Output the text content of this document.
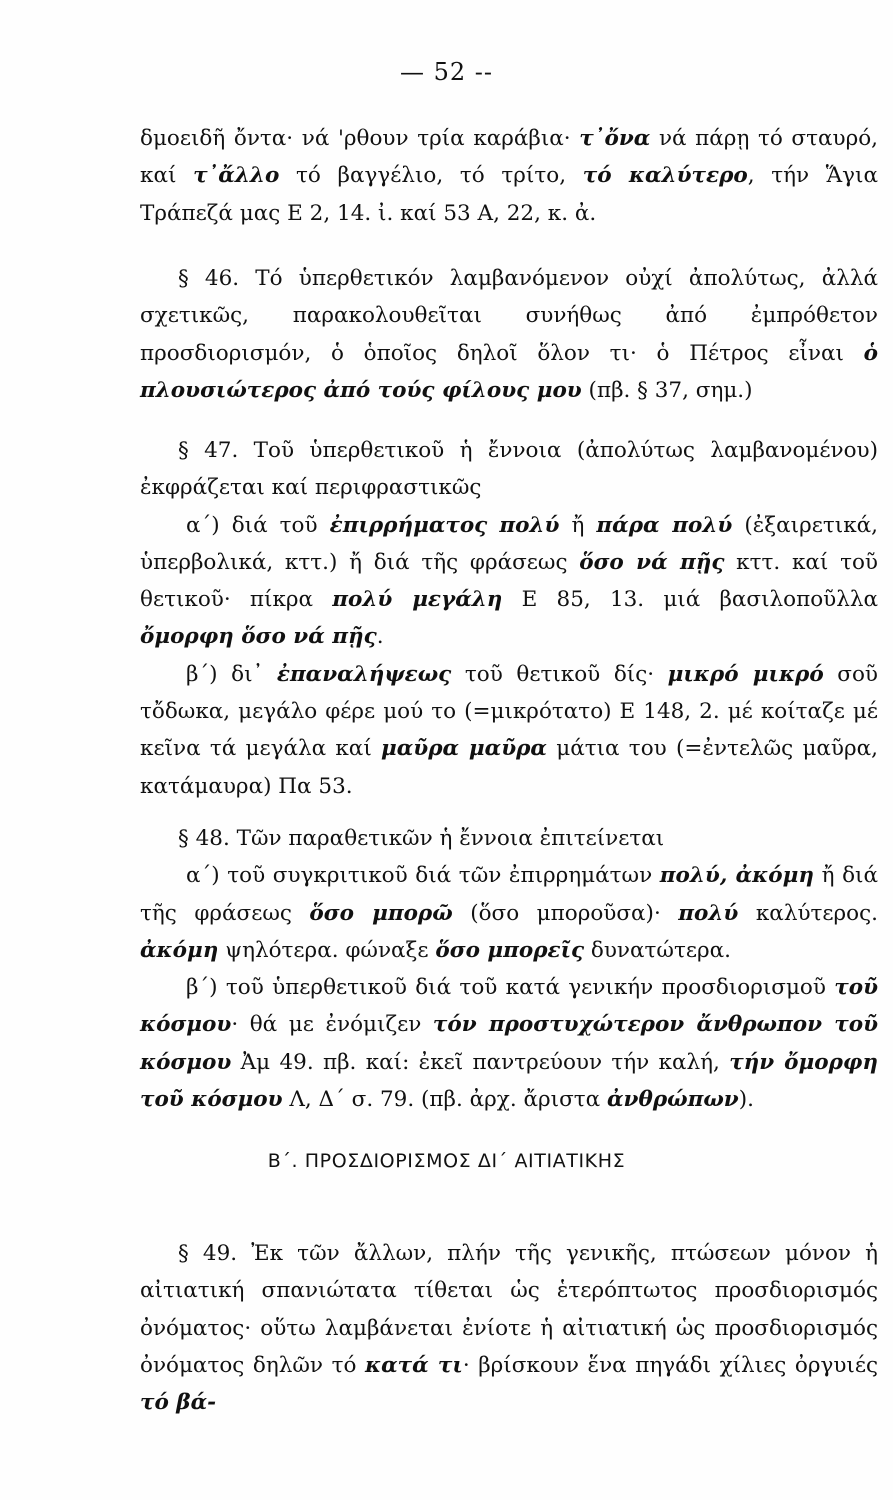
— 52 --

δμοειδῆ ὄντα· νά 'ρθουν τρία καράβια· τ᾽ὄνα νά πάρῃ τό σταυρό, καί τ᾽ἄλλο τό βαγγέλιο, τό τρίτο, τό καλύτερο, τήν Ἅγια Τράπεζά μας Ε 2, 14. ἰ. καί 53 Α, 22, κ. ἀ.

§ 46. Τό ὑπερθετικόν λαμβανόμενον οὐχί ἀπολύτως, ἀλλά σχετικῶς, παρακολουθεῖται συνήθως ἀπό ἐμπρόθετον προσδιορισμόν, ὁ ὁποῖος δηλοῖ ὅλον τι· ὁ Πέτρος εἶναι ὁ πλουσιώτερος ἀπό τούς φίλους μου (πβ. § 37, σημ.)

§ 47. Τοῦ ὑπερθετικοῦ ἡ ἔννοια (ἀπολύτως λαμβανομένου) ἐκφράζεται καί περιφραστικῶς

α΄) διά τοῦ ἐπιρρήματος πολύ ἤ πάρα πολύ (ἐξαιρετικά, ὑπερβολικά, κττ.) ἤ διά τῆς φράσεως ὅσο νά πῇς κττ. καί τοῦ θετικοῦ· πίκρα πολύ μεγάλη Ε 85, 13. μιά βασιλοποῦλλα ὄμορφη ὅσο νά πῇς.

β΄) δι᾽ ἐπαναλήψεως τοῦ θετικοῦ δίς· μικρό μικρό σοῦ τὄδωκα, μεγάλο φέρε μού το (=μικρότατο) Ε 148, 2. μέ κοίταζε μέ κεῖνα τά μεγάλα καί μαῦρα μαῦρα μάτια του (=ἐντελῶς μαῦρα, κατάμαυρα) Πα 53.

§ 48. Τῶν παραθετικῶν ἡ ἔννοια ἐπιτείνεται

α΄) τοῦ συγκριτικοῦ διά τῶν ἐπιρρημάτων πολύ, ἀκόμη ἤ διά τῆς φράσεως ὅσο μπορῶ (ὅσο μποροῦσα)· πολύ καλύτερος. ἀκόμη ψηλότερα. φώναξε ὅσο μπορεῖς δυνατώτερα.

β΄) τοῦ ὑπερθετικοῦ διά τοῦ κατά γενικήν προσδιορισμοῦ τοῦ κόσμου· θά με ἐνόμιζεν τόν προστυχώτερον ἄνθρωπον τοῦ κόσμου Ἀμ 49. πβ. καί: ἐκεῖ παντρεύουν τήν καλή, τήν ὄμορφη τοῦ κόσμου Λ, Δ΄ σ. 79. (πβ. ἀρχ. ἄριστα ἀνθρώπων).

Β΄. ΠΡΟΣΔΙΟΡΙΣΜΟΣ ΔΙ΄ ΑΙΤΙΑΤΙΚΗΣ

§ 49. Ἐκ τῶν ἄλλων, πλήν τῆς γενικῆς, πτώσεων μόνον ἡ αἰτιατική σπανιώτατα τίθεται ὡς ἑτερόπτωτος προσδιορισμός ὀνόματος· οὕτω λαμβάνεται ἐνίοτε ἡ αἰτιατική ὡς προσδιορισμός ὀνόματος δηλῶν τό κατά τι· βρίσκουν ἕνα πηγάδι χίλιες ὀργυιές τό βά-
